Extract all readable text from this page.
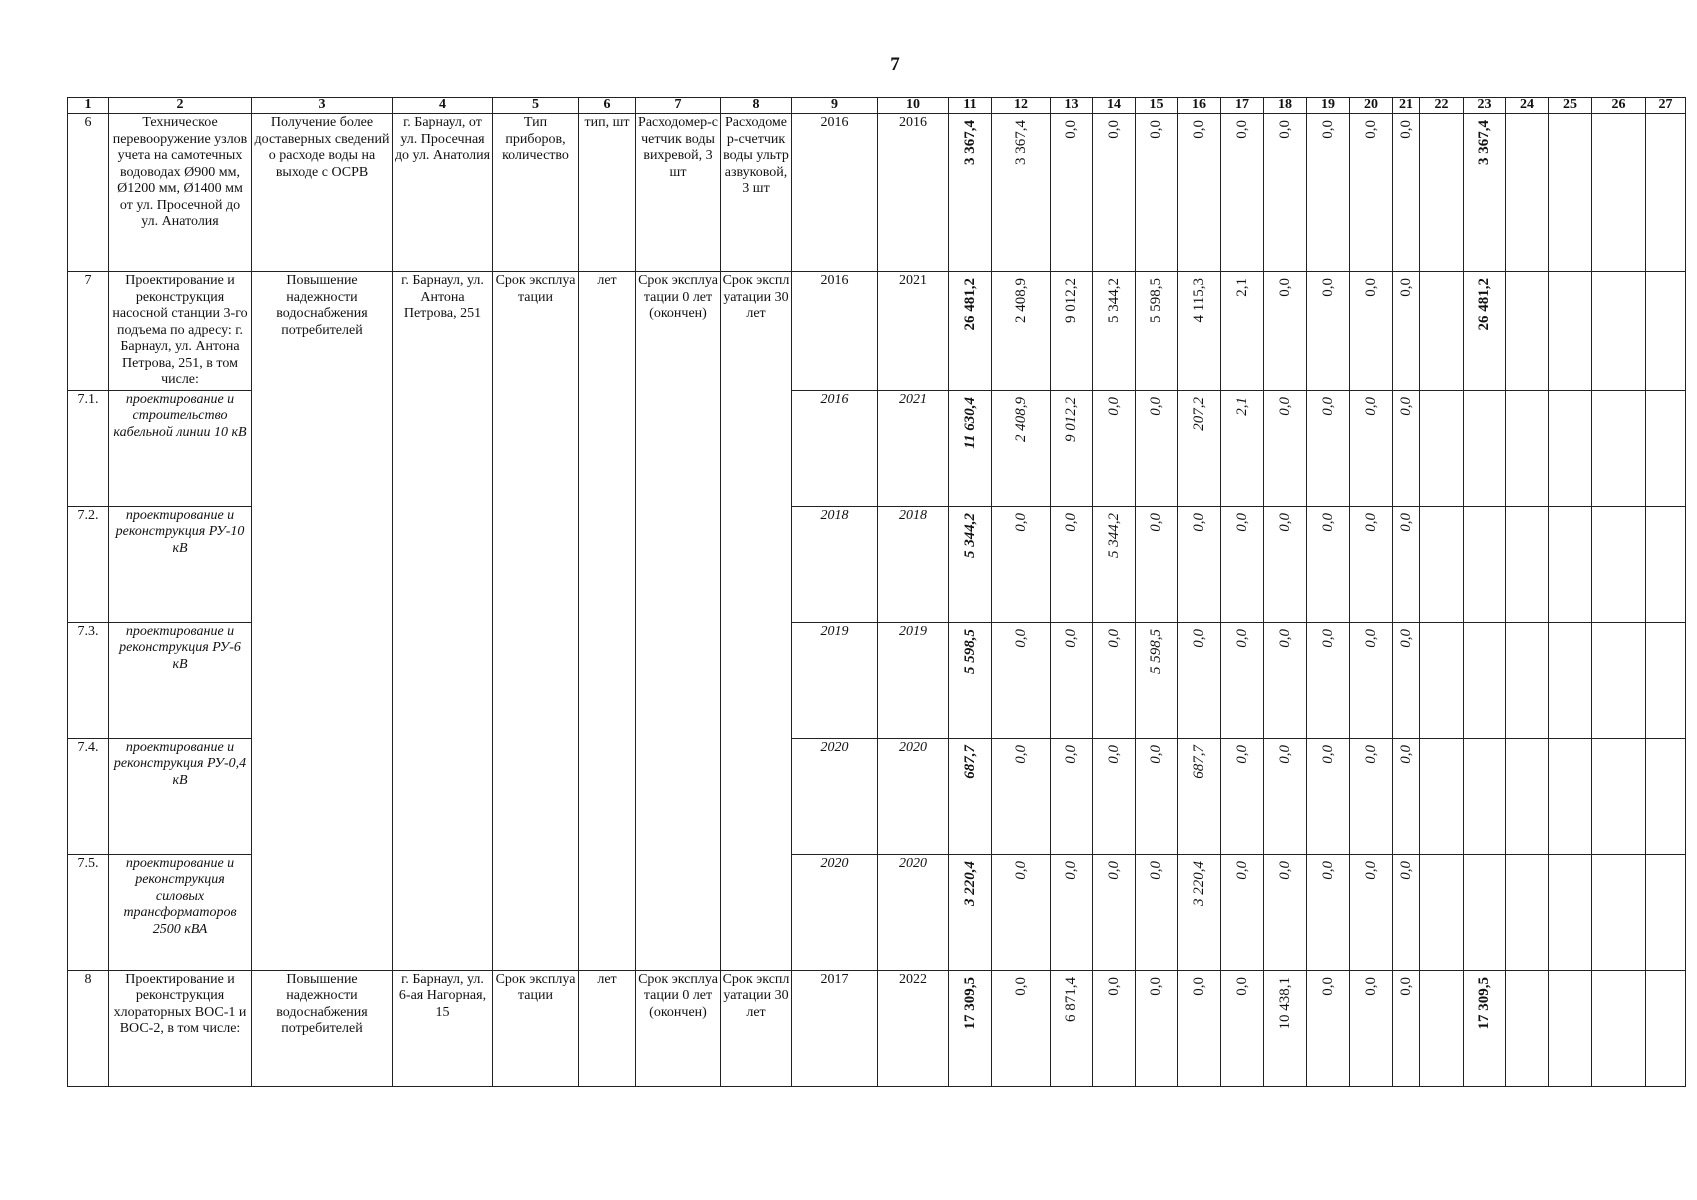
7
1	2	3	4	5	6	7	8	9	10	11	12	13	14	15	16	17	18	19	20	21	22	23	24	25	26	27
6	Техническое перевооружение узлов учета на самотечных водоводах Ø900 мм, Ø1200 мм, Ø1400 мм от ул. Просечной до ул. Анатолия	Получение более доставерных сведений о расходе воды на выходе с ОСРВ	г. Барнаул, от ул. Просечная до ул. Анатолия	Тип приборов, количество	тип, шт	Расходомер-счетчик воды вихревой, 3 шт	Расходомер-счетчик воды ультразвуковой, 3 шт	2016	2016	3 367,4	3 367,4	0,0	0,0	0,0	0,0	0,0	0,0	0,0	0,0	0,0		3 367,4				
7	Проектирование и реконструкция насосной станции 3-го подъема по адресу: г. Барнаул, ул. Антона Петрова, 251, в том числе:	Повышение надежности водоснабжения потребителей	г. Барнаул, ул. Антона Петрова, 251	Срок эксплуатации	лет	Срок эксплуатации 0 лет (окончен)	Срок эксплуатации 30 лет	2016	2021	26 481,2	2 408,9	9 012,2	5 344,2	5 598,5	4 115,3	2,1	0,0	0,0	0,0	0,0		26 481,2				
7.1.	проектирование и строительство кабельной линии 10 кВ							2016	2021	11 630,4	2 408,9	9 012,2	0,0	0,0	207,2	2,1	0,0	0,0	0,0	0,0						
7.2.	проектирование и реконструкция РУ-10 кВ							2018	2018	5 344,2	0,0	0,0	5 344,2	0,0	0,0	0,0	0,0	0,0	0,0	0,0						
7.3.	проектирование и реконструкция РУ-6 кВ							2019	2019	5 598,5	0,0	0,0	0,0	5 598,5	0,0	0,0	0,0	0,0	0,0	0,0						
7.4.	проектирование и реконструкция РУ-0,4 кВ							2020	2020	687,7	0,0	0,0	0,0	0,0	687,7	0,0	0,0	0,0	0,0	0,0						
7.5.	проектирование и реконструкция силовых трансформаторов 2500 кВА							2020	2020	3 220,4	0,0	0,0	0,0	0,0	3 220,4	0,0	0,0	0,0	0,0	0,0						
8	Проектирование и реконструкция хлораторных ВОС-1 и ВОС-2, в том числе:	Повышение надежности водоснабжения потребителей	г. Барнаул, ул. 6-ая Нагорная, 15	Срок эксплуатации	лет	Срок эксплуатации 0 лет (окончен)	Срок эксплуатации 30 лет	2017	2022	17 309,5	0,0	6 871,4	0,0	0,0	0,0	0,0	10 438,1	0,0	0,0	0,0		17 309,5				
